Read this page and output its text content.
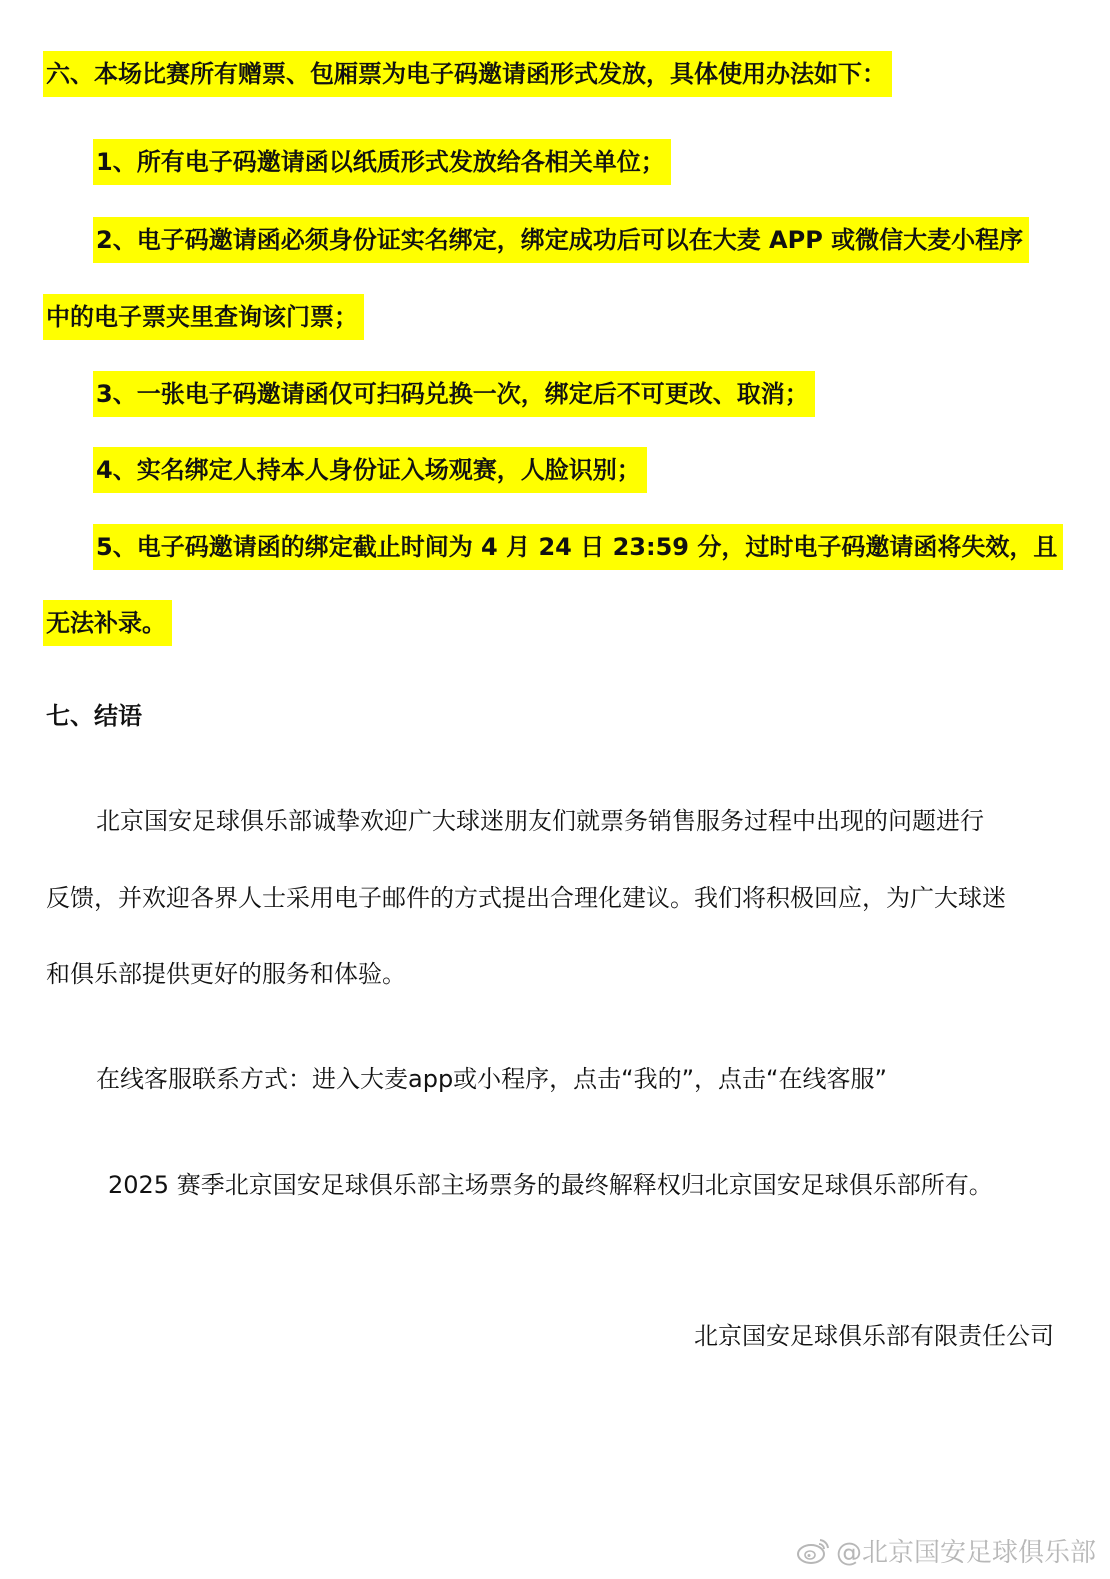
六、本场比赛所有赠票、包厢票为电子码邀请函形式发放，具体使用办法如下：
1、所有电子码邀请函以纸质形式发放给各相关单位；
2、电子码邀请函必须身份证实名绑定，绑定成功后可以在大麦 APP 或微信大麦小程序
中的电子票夹里查询该门票；
3、一张电子码邀请函仅可扫码兑换一次，绑定后不可更改、取消；
4、实名绑定人持本人身份证入场观赛，人脸识别；
5、电子码邀请函的绑定截止时间为 4 月 24 日 23:59 分，过时电子码邀请函将失效，且
无法补录。
七、结语
北京国安足球俱乐部诚挚欢迎广大球迷朋友们就票务销售服务过程中出现的问题进行
反馈，并欢迎各界人士采用电子邮件的方式提出合理化建议。我们将积极回应，为广大球迷
和俱乐部提供更好的服务和体验。
在线客服联系方式：进入大麦app或小程序，点击“我的”，点击“在线客服”
2025 赛季北京国安足球俱乐部主场票务的最终解释权归北京国安足球俱乐部所有。
北京国安足球俱乐部有限责任公司
@北京国安足球俱乐部
